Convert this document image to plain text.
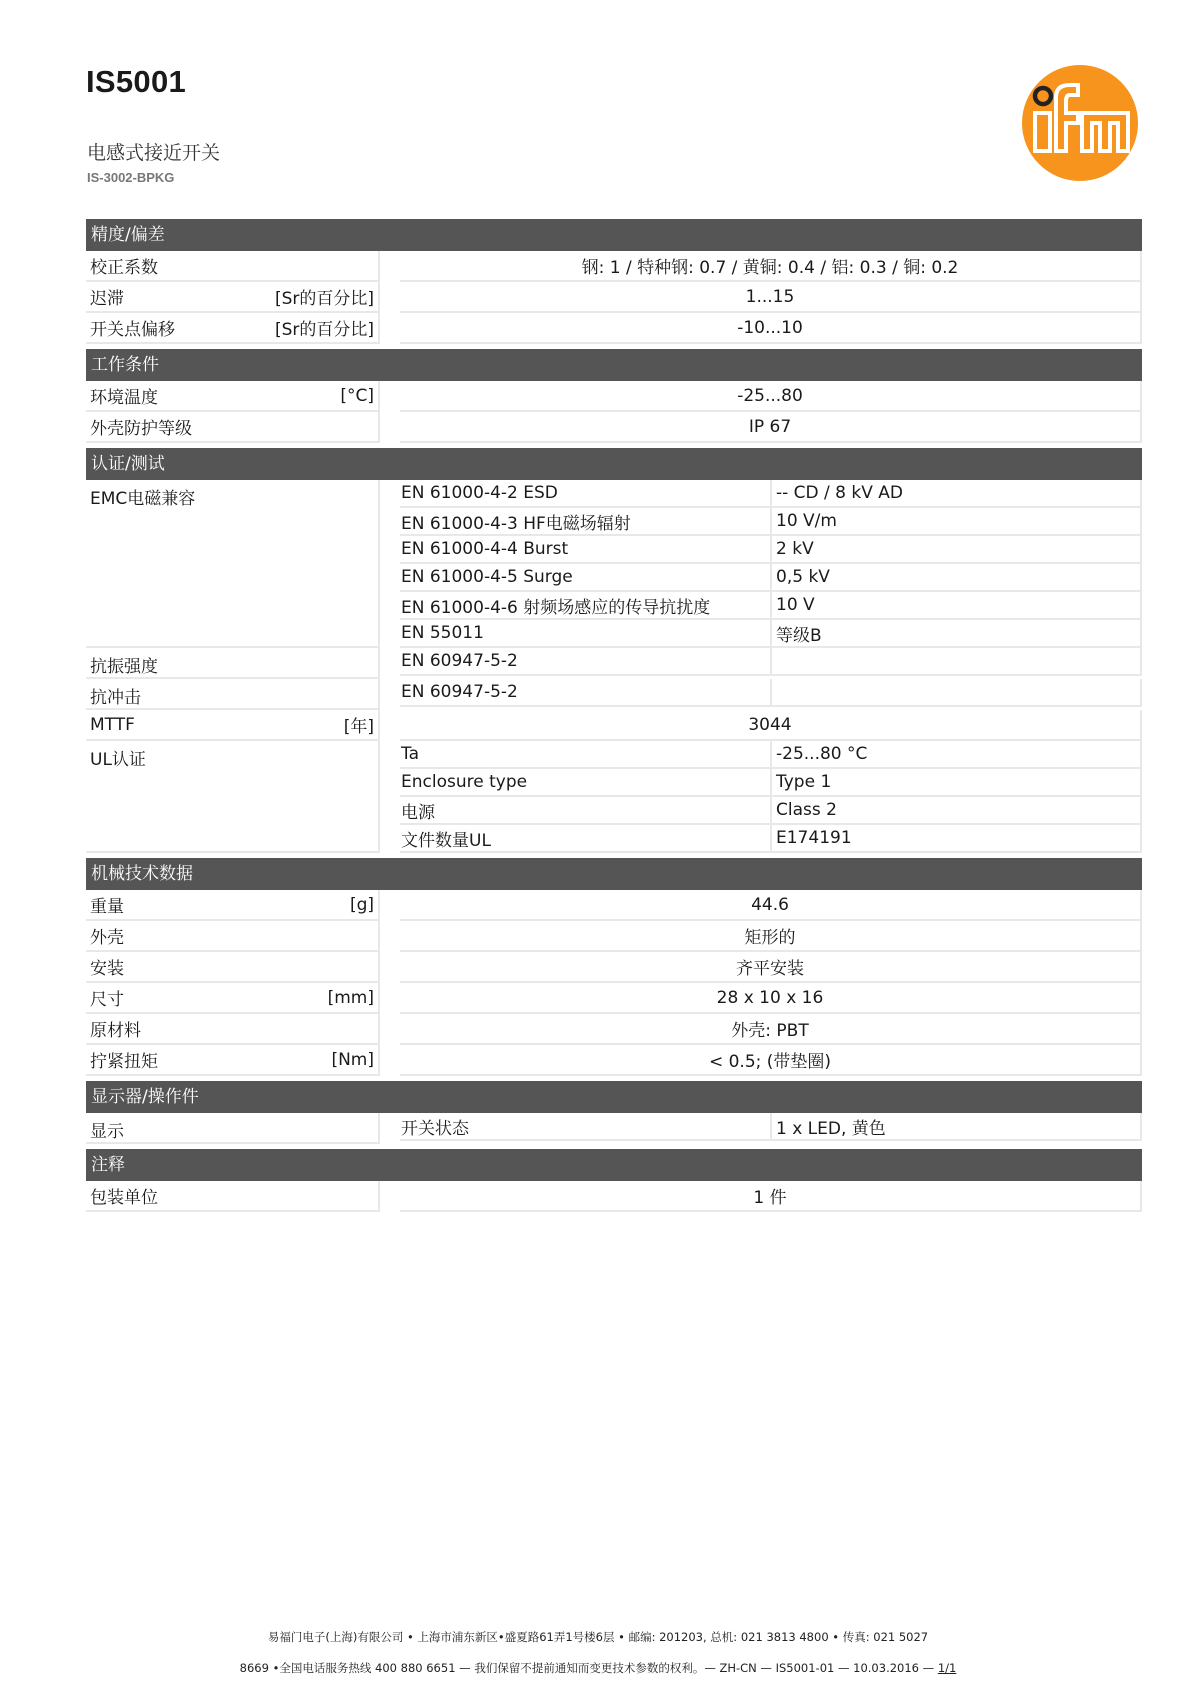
IS5001
电感式接近开关
IS-3002-BPKG
精度/偏差
校正系数	钢: 1 / 特种钢: 0.7 / 黄铜: 0.4 / 铝: 0.3 / 铜: 0.2
迟滞	[Sr的百分比]	1...15
开关点偏移	[Sr的百分比]	-10...10
工作条件
环境温度	[°C]	-25...80
外壳防护等级	IP 67
认证/测试
EMC电磁兼容	EN 61000-4-2 ESD	-- CD / 8 kV AD
EN 61000-4-3 HF电磁场辐射	10 V/m
EN 61000-4-4 Burst	2 kV
EN 61000-4-5 Surge	0,5 kV
EN 61000-4-6 射频场感应的传导抗扰度	10 V
EN 55011	等级B
抗振强度	EN 60947-5-2
抗冲击	EN 60947-5-2
MTTF	[年]	3044
UL认证	Ta	-25...80 °C
Enclosure type	Type 1
电源	Class 2
文件数量UL	E174191
机械技术数据
重量	[g]	44.6
外壳	矩形的
安装	齐平安装
尺寸	[mm]	28 x 10 x 16
原材料	外壳: PBT
拧紧扭矩	[Nm]	< 0.5; (带垫圈)
显示器/操作件
显示	开关状态	1 x LED, 黄色
注释
包装单位	1 件
易福门电子(上海)有限公司 • 上海市浦东新区•盛夏路61弄1号楼6层 • 邮编: 201203, 总机: 021 3813 4800 • 传真: 021 5027
8669 •全国电话服务热线 400 880 6651 — 我们保留不提前通知而变更技术参数的权利。— ZH-CN — IS5001-01 — 10.03.2016 — 1/1
